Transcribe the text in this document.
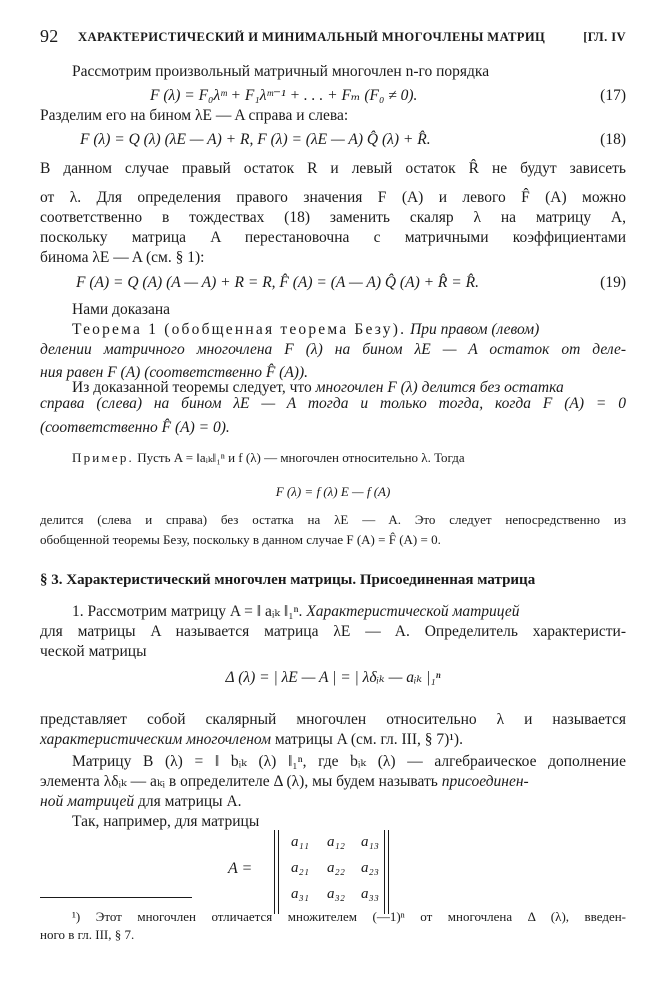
92 ХАРАКТЕРИСТИЧЕСКИЙ И МИНИМАЛЬНЫЙ МНОГОЧЛЕНЫ МАТРИЦ	[ГЛ. IV
Рассмотрим произвольный матричный многочлен n-го порядка
F (λ) = F₀λᵐ + F₁λᵐ⁻¹ + . . . + Fₘ (F₀ ≠ 0).	(17)
Разделим его на бином λE — A справа и слева:
F (λ) = Q (λ) (λE — A) + R, F (λ) = (λE — A) Q̂ (λ) + R̂.	(18)
В данном случае правый остаток R и левый остаток R̂ не будут зависеть
от λ. Для определения правого значения F (A) и левого F̂ (A) можно
соответственно в тождествах (18) заменить скаляр λ на матрицу A,
поскольку матрица A перестановочна с матричными коэффициентами
бинома λE — A (см. § 1):
F (A) = Q (A) (A — A) + R = R, F̂ (A) = (A — A) Q̂ (A) + R̂ = R̂.	(19)
Нами доказана
Теорема 1 (обобщенная теорема Безу). При правом (левом)
делении матричного многочлена F (λ) на бином λE — A остаток от деле-
ния равен F (A) (соответственно F̂ (A)).
Из доказанной теоремы следует, что многочлен F (λ) делится без остатка
справа (слева) на бином λE — A тогда и только тогда, когда F (A) = 0
(соответственно F̂ (A) = 0).
Пример. Пусть A = ‖aᵢₖ‖₁ⁿ и f (λ) — многочлен относительно λ. Тогда
F (λ) = f (λ) E — f (A)
делится (слева и справа) без остатка на λE — A. Это следует непосредственно из
обобщенной теоремы Безу, поскольку в данном случае F (A) = F̂ (A) = 0.
§ 3. Характеристический многочлен матрицы. Присоединенная матрица
1. Рассмотрим матрицу A = ‖ aᵢₖ ‖₁ⁿ. Характеристической матрицей
для матрицы A называется матрица λE — A. Определитель характеристи-
ческой матрицы
Δ (λ) = | λE — A | = | λδᵢₖ — aᵢₖ |₁ⁿ
представляет собой скалярный многочлен относительно λ и называется
характеристическим многочленом матрицы A (см. гл. III, § 7)¹).
Матрицу B (λ) = ‖ bᵢₖ (λ) ‖₁ⁿ, где bᵢₖ (λ) — алгебраическое дополнение
элемента λδᵢₖ — aₖᵢ в определителе Δ (λ), мы будем называть присоединен-
ной матрицей для матрицы A.
Так, например, для матрицы
A =
a₁₁	a₁₂	a₁₃
a₂₁	a₂₂	a₂₃
a₃₁	a₃₂	a₃₃
¹) Этот многочлен отличается множителем (—1)ⁿ от многочлена Δ (λ), введен-
ного в гл. III, § 7.
